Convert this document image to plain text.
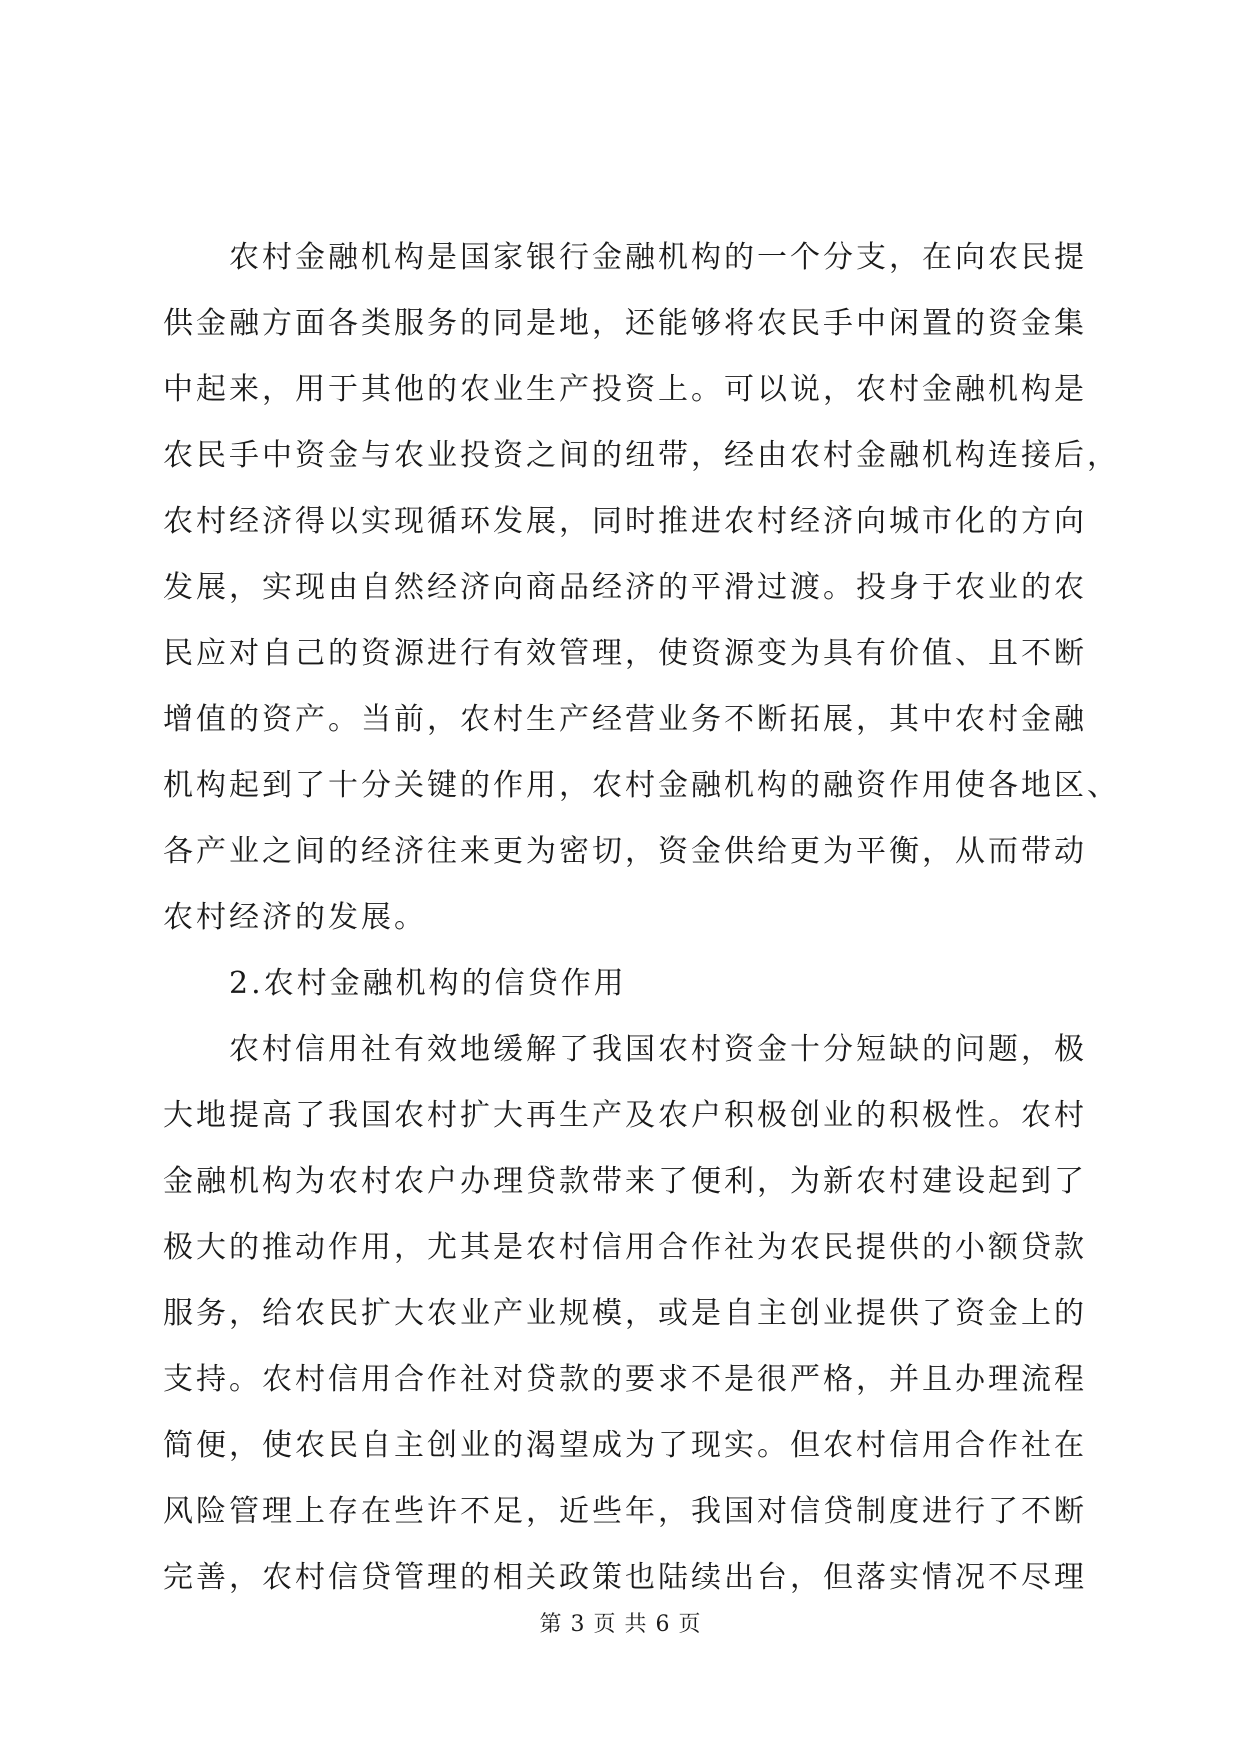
　　农村金融机构是国家银行金融机构的一个分支，在向农民提
供金融方面各类服务的同是地，还能够将农民手中闲置的资金集
中起来，用于其他的农业生产投资上。可以说，农村金融机构是
农民手中资金与农业投资之间的纽带，经由农村金融机构连接后，
农村经济得以实现循环发展，同时推进农村经济向城市化的方向
发展，实现由自然经济向商品经济的平滑过渡。投身于农业的农
民应对自己的资源进行有效管理，使资源变为具有价值、且不断
增值的资产。当前，农村生产经营业务不断拓展，其中农村金融
机构起到了十分关键的作用，农村金融机构的融资作用使各地区、
各产业之间的经济往来更为密切，资金供给更为平衡，从而带动
农村经济的发展。
　　2.农村金融机构的信贷作用
　　农村信用社有效地缓解了我国农村资金十分短缺的问题，极
大地提高了我国农村扩大再生产及农户积极创业的积极性。农村
金融机构为农村农户办理贷款带来了便利，为新农村建设起到了
极大的推动作用，尤其是农村信用合作社为农民提供的小额贷款
服务，给农民扩大农业产业规模，或是自主创业提供了资金上的
支持。农村信用合作社对贷款的要求不是很严格，并且办理流程
简便，使农民自主创业的渴望成为了现实。但农村信用合作社在
风险管理上存在些许不足，近些年，我国对信贷制度进行了不断
完善，农村信贷管理的相关政策也陆续出台，但落实情况不尽理
第 3 页 共 6 页
